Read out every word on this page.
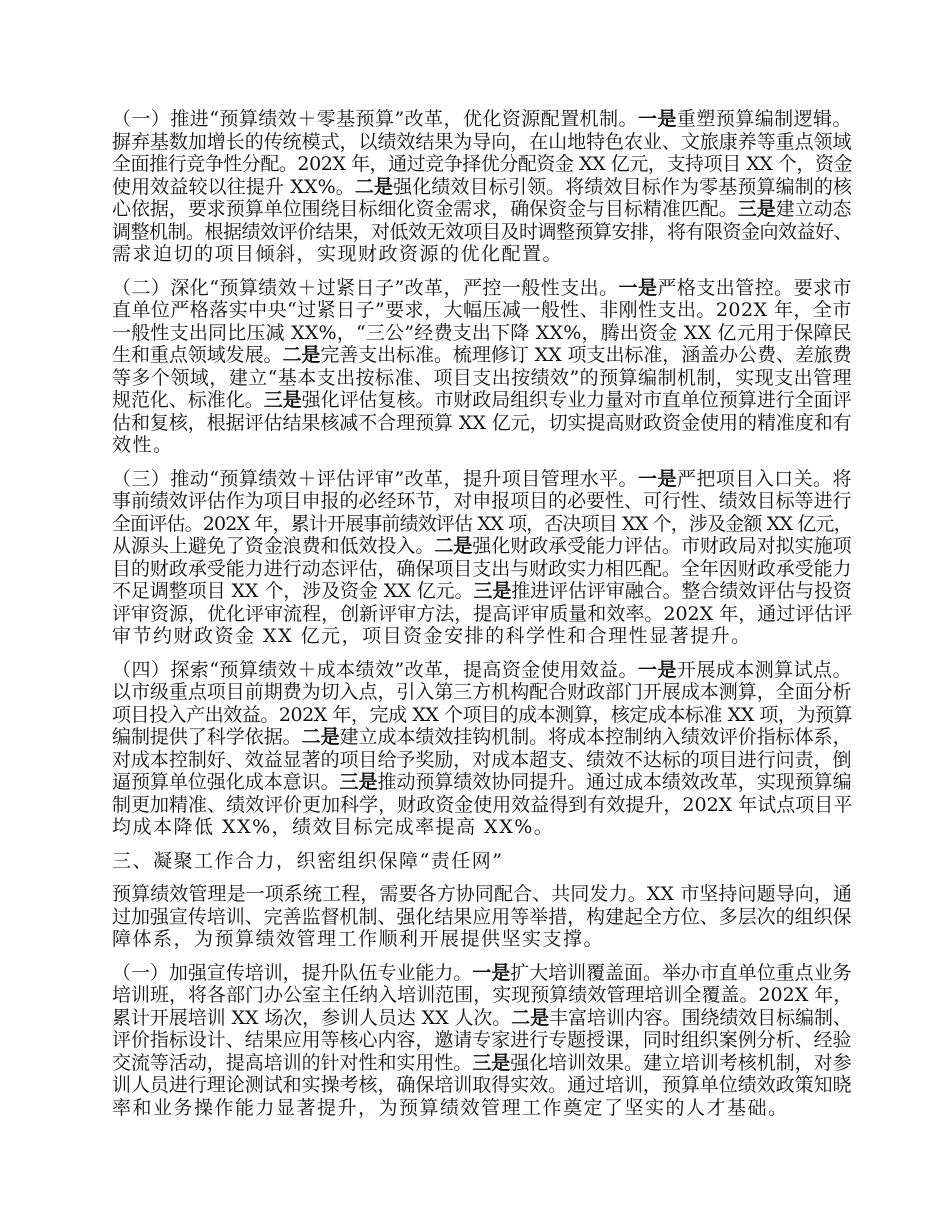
（一）推进“预算绩效＋零基预算”改革，优化资源配置机制。一是重塑预算编制逻辑。
摒弃基数加增长的传统模式，以绩效结果为导向，在山地特色农业、文旅康养等重点领域
全面推行竞争性分配。202X 年，通过竞争择优分配资金 XX 亿元，支持项目 XX 个，资金
使用效益较以往提升 XX%。二是强化绩效目标引领。将绩效目标作为零基预算编制的核
心依据，要求预算单位围绕目标细化资金需求，确保资金与目标精准匹配。三是建立动态
调整机制。根据绩效评价结果，对低效无效项目及时调整预算安排，将有限资金向效益好、
需求迫切的项目倾斜，实现财政资源的优化配置。
（二）深化“预算绩效＋过紧日子”改革，严控一般性支出。一是严格支出管控。要求市
直单位严格落实中央“过紧日子”要求，大幅压减一般性、非刚性支出。202X 年，全市
一般性支出同比压减 XX%，“三公”经费支出下降 XX%，腾出资金 XX 亿元用于保障民
生和重点领域发展。二是完善支出标准。梳理修订 XX 项支出标准，涵盖办公费、差旅费
等多个领域，建立“基本支出按标准、项目支出按绩效”的预算编制机制，实现支出管理
规范化、标准化。三是强化评估复核。市财政局组织专业力量对市直单位预算进行全面评
估和复核，根据评估结果核减不合理预算 XX 亿元，切实提高财政资金使用的精准度和有
效性。
（三）推动“预算绩效＋评估评审”改革，提升项目管理水平。一是严把项目入口关。将
事前绩效评估作为项目申报的必经环节，对申报项目的必要性、可行性、绩效目标等进行
全面评估。202X 年，累计开展事前绩效评估 XX 项，否决项目 XX 个，涉及金额 XX 亿元，
从源头上避免了资金浪费和低效投入。二是强化财政承受能力评估。市财政局对拟实施项
目的财政承受能力进行动态评估，确保项目支出与财政实力相匹配。全年因财政承受能力
不足调整项目 XX 个，涉及资金 XX 亿元。三是推进评估评审融合。整合绩效评估与投资
评审资源，优化评审流程，创新评审方法，提高评审质量和效率。202X 年，通过评估评
审节约财政资金 XX 亿元，项目资金安排的科学性和合理性显著提升。
（四）探索“预算绩效＋成本绩效”改革，提高资金使用效益。一是开展成本测算试点。
以市级重点项目前期费为切入点，引入第三方机构配合财政部门开展成本测算，全面分析
项目投入产出效益。202X 年，完成 XX 个项目的成本测算，核定成本标准 XX 项，为预算
编制提供了科学依据。二是建立成本绩效挂钩机制。将成本控制纳入绩效评价指标体系，
对成本控制好、效益显著的项目给予奖励，对成本超支、绩效不达标的项目进行问责，倒
逼预算单位强化成本意识。三是推动预算绩效协同提升。通过成本绩效改革，实现预算编
制更加精准、绩效评价更加科学，财政资金使用效益得到有效提升，202X 年试点项目平
均成本降低 XX%，绩效目标完成率提高 XX%。
三、凝聚工作合力，织密组织保障“责任网”
预算绩效管理是一项系统工程，需要各方协同配合、共同发力。XX 市坚持问题导向，通
过加强宣传培训、完善监督机制、强化结果应用等举措，构建起全方位、多层次的组织保
障体系，为预算绩效管理工作顺利开展提供坚实支撑。
（一）加强宣传培训，提升队伍专业能力。一是扩大培训覆盖面。举办市直单位重点业务
培训班，将各部门办公室主任纳入培训范围，实现预算绩效管理培训全覆盖。202X 年，
累计开展培训 XX 场次，参训人员达 XX 人次。二是丰富培训内容。围绕绩效目标编制、
评价指标设计、结果应用等核心内容，邀请专家进行专题授课，同时组织案例分析、经验
交流等活动，提高培训的针对性和实用性。三是强化培训效果。建立培训考核机制，对参
训人员进行理论测试和实操考核，确保培训取得实效。通过培训，预算单位绩效政策知晓
率和业务操作能力显著提升，为预算绩效管理工作奠定了坚实的人才基础。
